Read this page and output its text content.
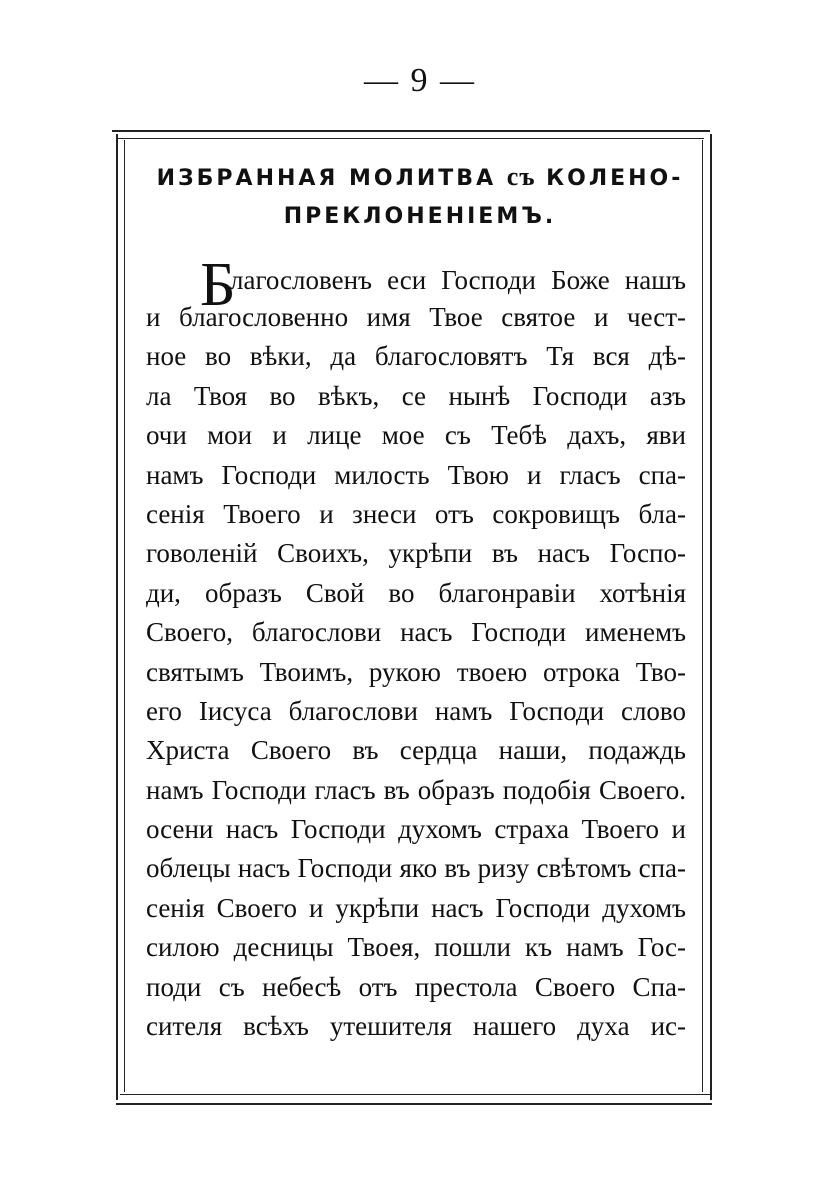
— 9 —
ИЗБРАННАЯ МОЛИТВА съ КОЛЕНО-
ПРЕКЛОНЕНІЕМЪ.
Б
лагословенъ еси Господи Боже нашъ
и благословенно имя Твое святое и чест-
ное во вѣки, да благословятъ Тя вся дѣ-
ла Твоя во вѣкъ, се нынѣ Господи азъ
очи мои и лице мое съ Тебѣ дахъ, яви
намъ Господи милость Твою и гласъ спа-
сенія Твоего и знеси отъ сокровищъ бла-
говоленій Своихъ, укрѣпи въ насъ Госпо-
ди, образъ Свой во благонравіи хотѣнія
Своего, благослови насъ Господи именемъ
святымъ Твоимъ, рукою твоею отрока Тво-
его Іисуса благослови намъ Господи слово
Христа Своего въ сердца наши, подаждь
намъ Господи гласъ въ образъ подобія Своего.
осени насъ Господи духомъ страха Твоего и
облецы насъ Господи яко въ ризу свѣтомъ спа-
сенія Своего и укрѣпи насъ Господи духомъ
силою десницы Твоея, пошли къ намъ Гос-
поди съ небесѣ отъ престола Своего Спа-
сителя всѣхъ утешителя нашего духа ис-
